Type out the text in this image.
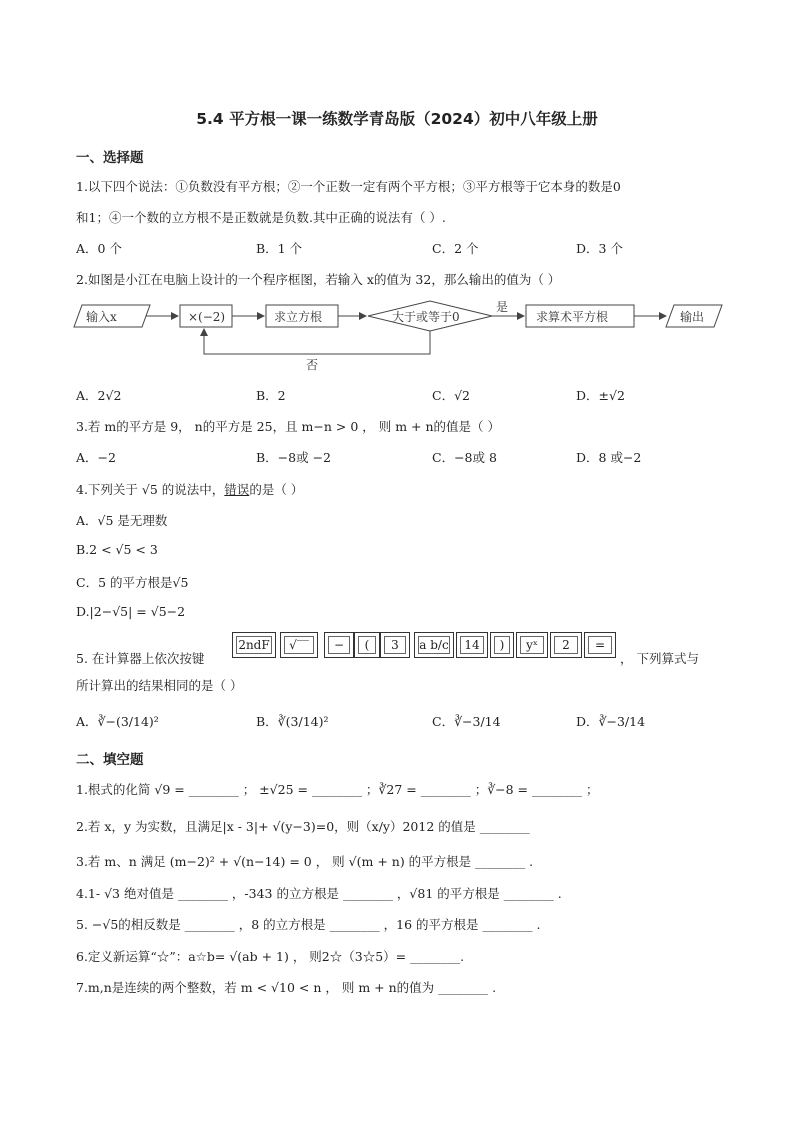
5.4 平方根一课一练数学青岛版（2024）初中八年级上册
一、选择题
1.以下四个说法：①负数没有平方根；②一个正数一定有两个平方根；③平方根等于它本身的数是0
和1；④一个数的立方根不是正数就是负数.其中正确的说法有（ ）.
A．0 个	B．1 个	C．2 个	D．3 个
2.如图是小江在电脑上设计的一个程序框图，若输入 x的值为 32，那么输出的值为（ ）
输入x	×(−2)	求立方根	大于或等于0
是
求算术平方根	输出
否
A．2√2	B．2	C．√2	D．±√2
3.若 m的平方是 9， n的平方是 25，且 m−n > 0 ， 则 m + n的值是（ ）
A．−2	B．−8或 −2	C．−8或 8	D．8 或−2
4.下列关于 √5 的说法中，错误的是（ ）
A．√5 是无理数
B.2 < √5 < 3
C．5 的平方根是√5
D.|2−√5| = √5−2
5. 在计算器上依次按键
2ndF	√‾‾	−	(	3	a b/c	14	)	yˣ	2	=
， 下列算式与
所计算出的结果相同的是（ ）
A．∛−(3/14)²	B．∛(3/14)²	C．∛−3/14	D．∛−3/14
二、填空题
1.根式的化简 √9 = ________ ； ±√25 = ________ ；∛27 = ________ ；∛−8 = ________ ；
2.若 x，y 为实数，且满足|x - 3|+ √(y−3)=0，则（x/y）2012 的值是 ________
3.若 m、n 满足 (m−2)² + √(n−14) = 0 ， 则 √(m + n) 的平方根是 ________ .
4.1- √3 绝对值是 ________ ，-343 的立方根是 ________ ，√81 的平方根是 ________ .
5. −√5的相反数是 ________ ，8 的立方根是 ________ ，16 的平方根是 ________ .
6.定义新运算“☆”：a☆b= √(ab + 1) ， 则2☆（3☆5）= ________.
7.m,n是连续的两个整数，若 m < √10 < n ， 则 m + n的值为 ________ .
